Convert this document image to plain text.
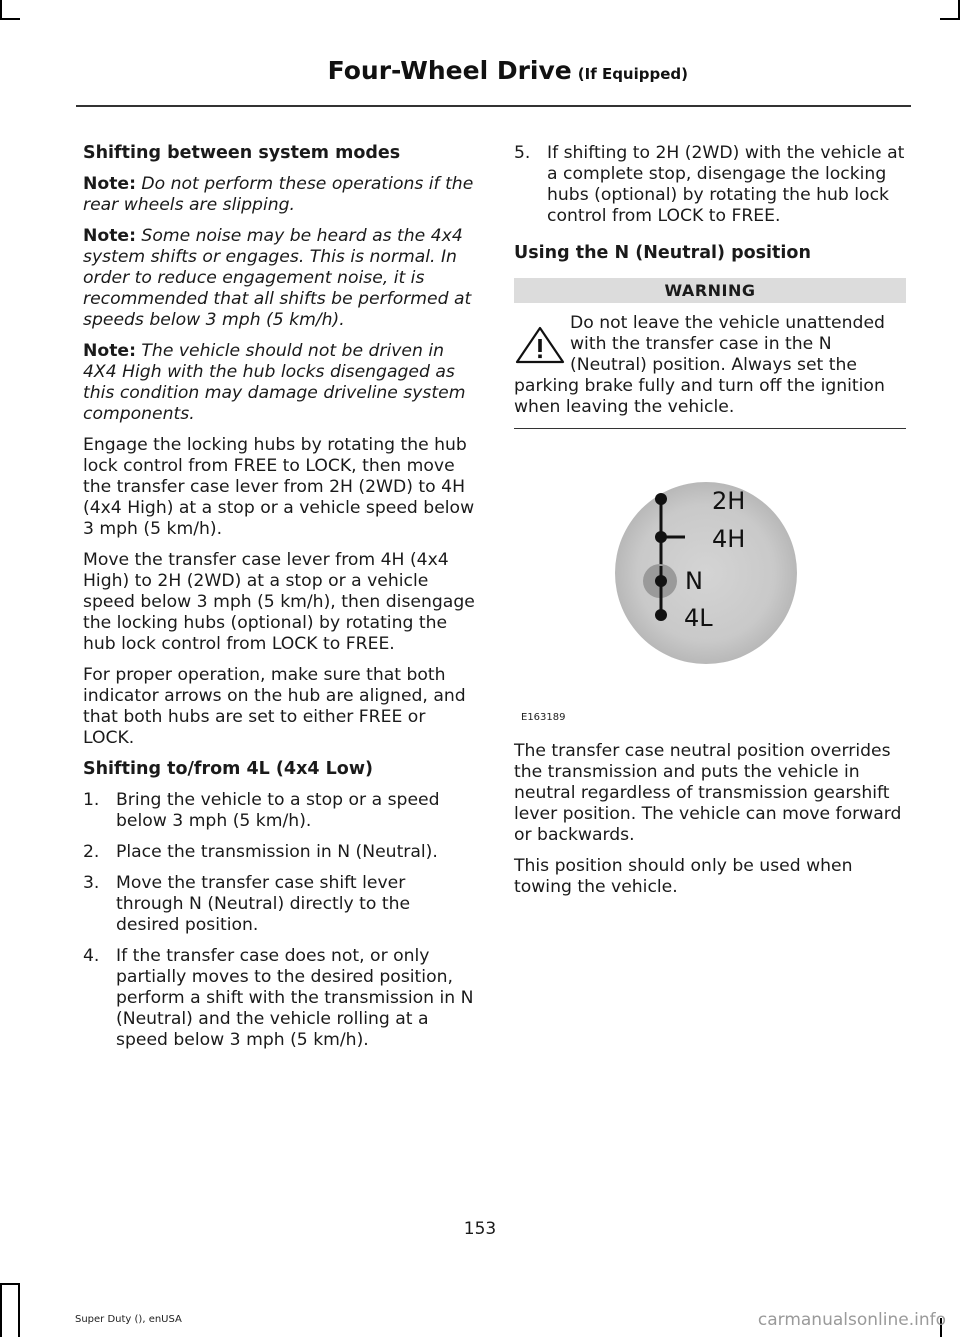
Four-Wheel Drive (If Equipped)
Shifting between system modes

Note: Do not perform these operations if the rear wheels are slipping.

Note: Some noise may be heard as the 4x4 system shifts or engages. This is normal. In order to reduce engagement noise, it is recommended that all shifts be performed at speeds below 3 mph (5 km/h).

Note: The vehicle should not be driven in 4X4 High with the hub locks disengaged as this condition may damage driveline system components.

Engage the locking hubs by rotating the hub lock control from FREE to LOCK, then move the transfer case lever from 2H (2WD) to 4H (4x4 High) at a stop or a vehicle speed below 3 mph (5 km/h).

Move the transfer case lever from 4H (4x4 High) to 2H (2WD) at a stop or a vehicle speed below 3 mph (5 km/h), then disengage the locking hubs (optional) by rotating the hub lock control from LOCK to FREE.

For proper operation, make sure that both indicator arrows on the hub are aligned, and that both hubs are set to either FREE or LOCK.

Shifting to/from 4L (4x4 Low)
1. Bring the vehicle to a stop or a speed below 3 mph (5 km/h).
2. Place the transmission in N (Neutral).
3. Move the transfer case shift lever through N (Neutral) directly to the desired position.
4. If the transfer case does not, or only partially moves to the desired position, perform a shift with the transmission in N (Neutral) and the vehicle rolling at a speed below 3 mph (5 km/h).
5. If shifting to 2H (2WD) with the vehicle at a complete stop, disengage the locking hubs (optional) by rotating the hub lock control from LOCK to FREE.
Using the N (Neutral) position
WARNING
Do not leave the vehicle unattended with the transfer case in the N (Neutral) position. Always set the parking brake fully and turn off the ignition when leaving the vehicle.
2H
4H
N
4L
E163189

The transfer case neutral position overrides the transmission and puts the vehicle in neutral regardless of transmission gearshift lever position. The vehicle can move forward or backwards.

This position should only be used when towing the vehicle.

153
Super Duty (), enUSA	carmanualsonline.info
